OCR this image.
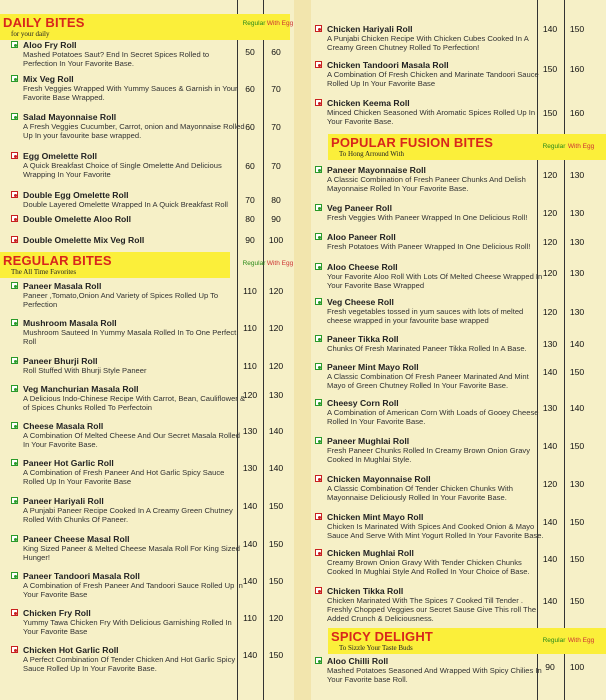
DAILY BITES
for your daily
Regular With Egg
Aloo Fry Roll
Mashed Potatoes Saut? End In Secret Spices Rolled to Perfection In Your Favorite Base.
50	60
Mix Veg Roll
Fresh Veggies Wrapped With Yummy Sauces & Garnish in Your Favorite Base Wrapped.
60	70
Salad Mayonnaise Roll
A Fresh Veggies Cucumber, Carrot, onion and Mayonnaise Rolled Up In your favourite base wrapped.
60	70
Egg Omelette Roll
A Quick Breakfast Choice of Single Omelette And Delicious Wrapping In Your Favorite
60	70
Double Egg Omelette Roll
Double Layered Omelette Wrapped In A Quick Breakfast Roll	70	80
Double Omelette Aloo Roll	80	90
Double Omelette Mix Veg Roll	90	100
REGULAR BITES
The All Time Favorites
Regular With Egg
Paneer Masala Roll
Paneer ,Tomato,Onion And Variety of Spices Rolled Up To Perfection
110	120
Mushroom Masala Roll
Mushroom Sauteed In Yummy Masala Rolled In To One Perfect Roll
110	120
Paneer Bhurji Roll
Roll Stuffed With Bhurji Style Paneer	110	120
Veg Manchurian Masala Roll
A Delicious Indo-Chinese Recipe With Carrot, Bean, Cauliflower & of Spices Chunks Rolled To Perfectoin
120	130
Cheese Masala Roll
A Combination Of Melted Cheese And Our Secret Masala Rolled In Your Favorite Base.
130	140
Paneer Hot Garlic Roll
A Combination of Fresh Paneer And Hot Garlic Spicy Sauce Rolled Up In Your Favorite Base
130	140
Paneer Hariyali Roll
A Punjabi Paneer Recipe Cooked In A Creamy Green Chutney Rolled With Chunks Of Paneer.
140	150
Paneer Cheese Masal Roll
King Sized Paneer & Melted Cheese Masala Roll For King Sized Hunger!
140	150
Paneer Tandoori Masala Roll
A Combination of Fresh Paneer And Tandoori Sauce Rolled Up In Your Favorite Base
140	150
Chicken Fry Roll
Yummy Tawa Chicken Fry With Delicious Garnishing Rolled In Your Favorite Base
110	120
Chicken Hot Garlic Roll
A Perfect Combination Of Tender Chicken And Hot Garlic Spicy Sauce Rolled Up In Your Favorite Base.
140	150
Chicken Hariyali Roll
A Punjabi Chicken Recipe With Chicken Cubes Cooked In A Creamy Green Chutney Rolled To Perfection!
140	150
Chicken Tandoori Masala Roll
A Combination Of Fresh Chicken and Marinate Tandoori Sauce Rolled Up In Your Favorite Base
150	160
Chicken Keema Roll
Minced Chicken Seasoned With Aromatic Spices Rolled Up In Your Favorite Base.
150	160
POPULAR FUSION BITES
To Hong Arround With
Regular With Egg
Paneer Mayonnaise Roll
A Classic Combination of Fresh Paneer Chunks And Delish Mayonnaise Rolled In Your Favorite Base.
120	130
Veg Paneer Roll
Fresh Veggies With Paneer Wrapped In One Delicious Roll!	120	130
Aloo Paneer Roll
Fresh Potatoes With Paneer Wrapped In One Delicious Roll!	120	130
Aloo Cheese Roll
Your Favorite Aloo Roll With Lots Of Melted Cheese Wrapped In Your Favorite Base Wrapped
120	130
Veg Cheese Roll
Fresh vegetables tossed in yum sauces with lots of melted cheese wrapped in your favourite base wrapped
120	130
Paneer Tikka Roll
Chunks Of Fresh Marinated Paneer Tikka Rolled In A Base.	130	140
Paneer Mint Mayo Roll
A Classic Combination Of Fresh Paneer Marinated And Mint Mayo of Green Chutney Rolled In Your Favorite Base.
140	150
Cheesy Corn Roll
A Combination of American Corn With Loads of Gooey Cheese Rolled In Your Favorite Base.
130	140
Paneer Mughlai Roll
Fresh Paneer Chunks Rolled In Creamy Brown Onion Gravy Cooked In Mughlai Style.
140	150
Chicken Mayonnaise Roll
A Classic Combination Of Tender Chicken Chunks With Mayonnaise Deliciously Rolled In Your Favorite Base.
120	130
Chicken Mint Mayo Roll
Chicken Is Marinated With Spices And Cooked Onion & Mayo Sauce And Serve With Mint Yogurt Rolled In Your Favorite Base.
140	150
Chicken Mughlai Roll
Creamy Brown Onion Gravy With Tender Chicken Chunks Cooked In Mughlai Style And Rolled In Your Choice of Base.
140	150
Chicken Tikka Roll
Chicken Marinated With The Spices 7 Cooked Till Tender . Freshly Chopped Veggies our Secret Sause Give This roll The Added Crunch & Deliciousness.
140	150
SPICY DELIGHT
To Sizzle Your Taste Buds
Regular With Egg
Aloo Chilli Roll
Mashed Potatoes Seasoned And Wrapped With Spicy Chilies In Your Favorite base Roll.
90	100
